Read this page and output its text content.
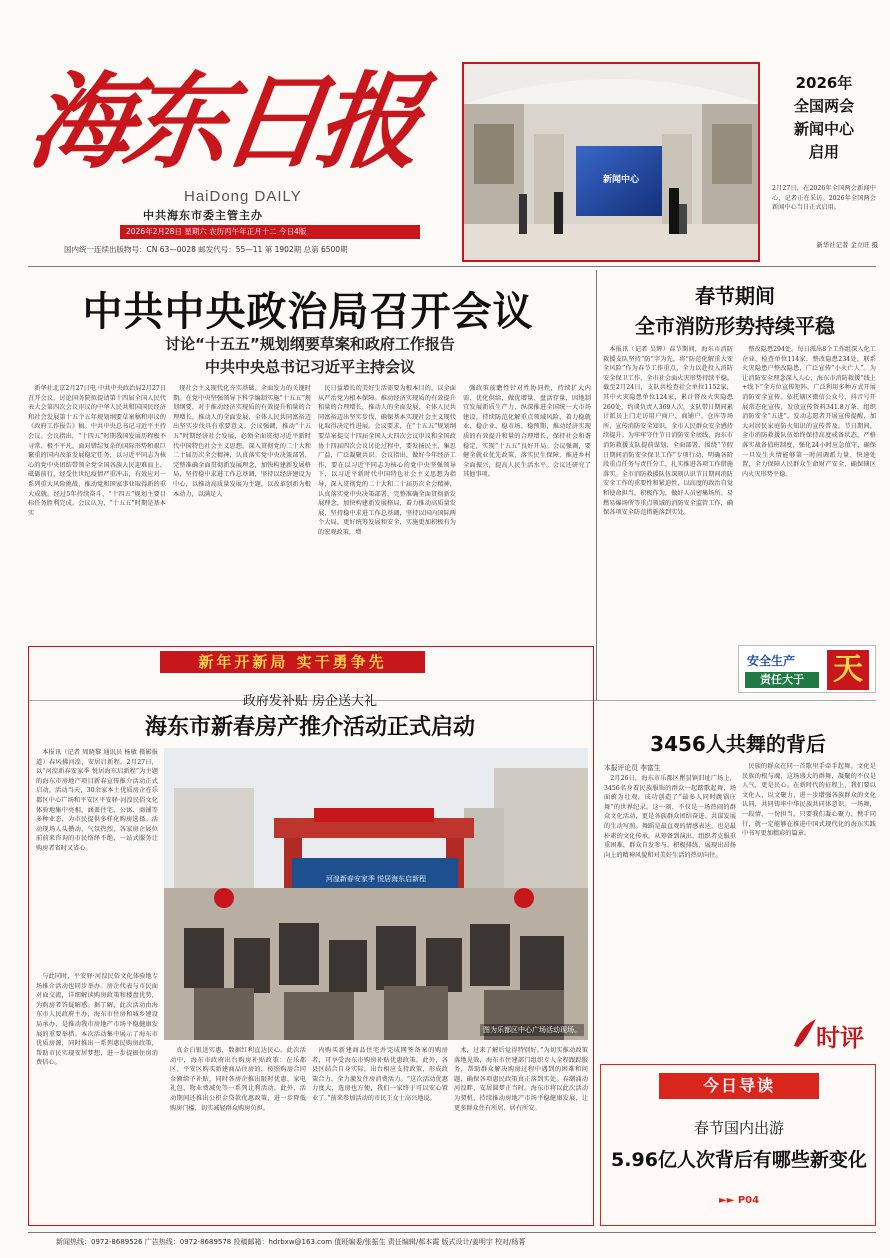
海东日报
HaiDong DAILY
中共海东市委主管主办
2026年2月28日 星期六 农历丙午年正月十二 今日4版
国内统一连续出版物号：CN 63—0028 邮发代号：55—11 第 1902期 总第 6500期
新闻中心
2026年
全国两会
新闻中心
启用
2月27日，在2026年全国两会新闻中心，记者正在采访。2026年全国两会新闻中心当日正式启用。
新华社记者 金立旺 摄
中共中央政治局召开会议
讨论“十五五”规划纲要草案和政府工作报告
中共中央总书记习近平主持会议

新华社北京2月27日电 中共中央政治局2月27日召开会议，讨论国务院拟提请第十四届全国人民代表大会第四次会议审议的中华人民共和国国民经济和社会发展第十五个五年规划纲要草案稿和审议的《政府工作报告》稿。中共中央总书记习近平主持会议。会议指出，“十四五”时期我国发展历程极不寻常、极不平凡。面对错综复杂的国际形势和艰巨繁重的国内改革发展稳定任务，以习近平同志为核心的党中央团结带领全党全国各族人民迎难而上、砥砺前行，经受住世纪疫情严重冲击，有效应对一系列重大风险挑战，推动党和国家事业取得新的重大成就。经过5年持续奋斗，“十四五”规划主要目标任务胜利完成。会议认为，“十五五”时期是基本实

现社会主义现代化夯实基础、全面发力的关键时期。在党中央坚强领导下科学编制实施“十五五”规划纲要，对于推动经济实现质的有效提升和量的合理增长，推动人的全面发展、全体人民共同富裕迈出坚实步伐具有重要意义。会议强调，推动“十五五”时期经济社会发展，必须全面贯彻习近平新时代中国特色社会主义思想，深入贯彻党的二十大和二十届历次全会精神，认真落实党中央决策部署，完整准确全面贯彻新发展理念，加快构建新发展格局，坚持稳中求进工作总基调，坚持以经济建设为中心，以推动高质量发展为主题，以改革创新为根本动力，以满足人

民日益增长的美好生活需要为根本目的，以全面从严治党为根本保障。推动经济实现质的有效提升和量的合理增长，推动人的全面发展，全体人民共同富裕迈出坚实步伐，确保基本实现社会主义现代化取得决定性进展。会议要求，在“十五五”规划纲要草案提交十四届全国人大四次会议审议和全国政协十四届四次会议讨论过程中，要发扬民主、集思广益，广泛凝聚共识。会议指出，做好今年经济工作，要在以习近平同志为核心的党中央坚强领导下，以习近平新时代中国特色社会主义思想为指导，深入贯彻党的二十大和二十届历次全会精神，认真落实党中央决策部署，完整准确全面贯彻新发展理念，加快构建新发展格局，着力推动高质量发展，坚持稳中求进工作总基调，坚持以国内国际两个大局，更好统筹发展和安全，实施更加积极有为的宏观政策，增

强政策前瞻性针对性协同性，持续扩大内需、优化供给，做优增量、盘活存量，因地制宜发展新质生产力，纵深推进全国统一大市场建设，持续防范化解重点领域风险，着力稳就业、稳企业、稳市场、稳预期，推动经济实现质的有效提升和量的合理增长，保持社会和谐稳定，实现“十五五”良好开局。会议强调，要健全就业优先政策，落实民生保障，推进乡村全面振兴，提高人民生活水平。会议还研究了其他事项。

春节期间
全市消防形势持续平稳

本报讯（记者 吴辉）春节期间，海东市消防救援支队坚持“防”字为先，将“防范化解重大安全风险”作为春节工作重点，全力以赴投入消防安全保卫工作，全市社会面火灾形势持续平稳。截至2月24日，支队共检查社会单位1152家，其中火灾隐患单位124家，累计督改火灾隐患260处，约谈负责人369人次，支队带日期间累计派员上门走访用户商户、商铺户、仓库等场所，宣传消防安全知识，全市人民群众安全感持续提升。为牢牢守住节日消防安全底线，海东市消防救援支队提前谋划、全面部署，围绕“节假日期间消防安全保卫工作”专项行动，明确各阶段重点任务与责任分工，扎实推进各项工作措施落实。全市消防救援队伍深刻认识节日期间消防安全工作的重要性和紧迫性，以高度的政治自觉和使命担当，积极作为，做好人员密集场所、易燃易爆场所等重点领域的消防安全监管工作，确保各项安全防范措施落到实处。

整改隐患294处。每日派出8个工作组深入化工企业，检查单位114家，整改隐患234处，联系火灾隐患户整改隐患，广泛宣传“小火亡人”。为让消防安全理念深入人心，海东市消防救援“线上+线下”全方位宣传矩阵，广泛利用多种方式开展消防安全宣传。依托辖区微信公众号、抖音号开展常态化宣传，发放宣传资料341.8万条，组织消防安全“五进”，发动志愿者开展宣传提醒，加大对居民家庭防火知识的宣传普及。节日期间，全市消防救援队伍始终保持高度戒备状态，严格落实战备值班制度，强化24小时应急值守，确保一旦发生火情能够第一时间调派力量、快速处置，全力保障人民群众生命财产安全，确保辖区内火灾形势平稳。

安全生产
责任大于 天
新年开新局 实干勇争先
政府发补贴 房企送大礼
海东市新春房产推介活动正式启动

本报讯（记者 周晓黎 通讯员 杨敏 摄影报道）春风拂河湟，安居启新程。2月27日，以“河湟新春安家季 悦居海东启新程”为主题的海东市房地产项目新春宣传推介活动正式启动。活动当天，30余家本土优质房企在乐都区中心广场和平安区平安驿·河湟民俗文化体验地集中亮相，涵盖住宅、公寓、商铺等多种业态，为市民提供多样化购房选择。活动现场人头攒动、气氛热烈，各家房企展位前前来咨询的市民络绎不绝，一站式服务让购房者省时又省心。

与此同时，平安驿·河湟民俗文化体验地专场推介活动也同步举办。房企代表与市民面对面交流，详细解读购房政策和楼盘优势，为购房者答疑解惑。据了解，此次活动由海东市人民政府主办，海东市住房和城乡建设局承办，是推动我市房地产市场平稳健康发展的重要举措。本次活动集中展示了海东市优质房源，同时推出一系列惠民购房政策，帮助市民实现安居梦想，进一步提振住房消费信心。

河湟新春安家季 悦居海东启新程
图为乐都区中心广场活动现场。

真金白银送实惠，数据红利直达民心。此次活动中，海东市政府出台购房补贴政策：在乐都区、平安区购买新建商品住房的，按照购房合同金额给予补贴，同时各房企推出限时优惠、家电礼包、物业费减免等一系列让利活动。此外，活动期间还推出公积金贷款优惠政策，进一步降低购房门槛，切实减轻群众购房负担。

内购买新建商品住宅并完成网签备案的购房者，可享受海东市购房补贴优惠政策。此外，各县区结合自身实际，出台相应支持政策，形成政策合力，全力激发住房消费活力。“这次活动优惠力度大，选房也方便，我们一家终于可以安心置业了。”前来参加活动的市民王女士高兴地说。

术，过来了解后觉得特别好。”为切实推动政策落地见效，海东市住建部门组织专人全程跟踪服务，帮助群众解决购房过程中遇到的困难和问题，确保各项惠民政策真正落到实处。春潮涌动河湟畔，安居圆梦正当时。海东市将以此次活动为契机，持续推动房地产市场平稳健康发展，让更多群众住有所居、居有所安。

3456人共舞的背后
本报评论员 李富生

2月26日，海东市乐都区瞿昙镇旧址广场上，3456名身着民族服饰的群众一起踏歌起舞，场面蔚为壮观，成功创造了“最多人同时跳锅庄舞”的世界纪录。这一刻，不仅是一场热闹的群众文化活动，更是各族群众团结奋进、共谋发展的生动写照。舞蹈是最直观的情感表达，也是最朴素的文化传承。从筹备到演出，组织者克服重重困难，群众自发参与、积极排练，展现出昂扬向上的精神风貌和对美好生活的热切向往。

民族的群众在同一首歌里手牵手起舞。文化是民族的根与魂，这场盛大的群舞，凝聚的不仅是人气，更是民心。在新时代的征程上，我们要以文化人、以文聚力，进一步增强各族群众的文化认同，共同铸牢中华民族共同体意识。一场舞，一段情，一份担当。只要我们凝心聚力、携手同行，就一定能够在推进中国式现代化的海东实践中书写更加精彩的篇章。

时评
今日导读
春节国内出游
5.96亿人次背后有哪些新变化
►► P04
新闻热线：0972-8689526 广告热线：0972-8689578 投稿邮箱：hdrbxw@163.com 值班编委/张振生 责任编辑/郝本霞 版式设计/姜明宇 校对/杨菁
